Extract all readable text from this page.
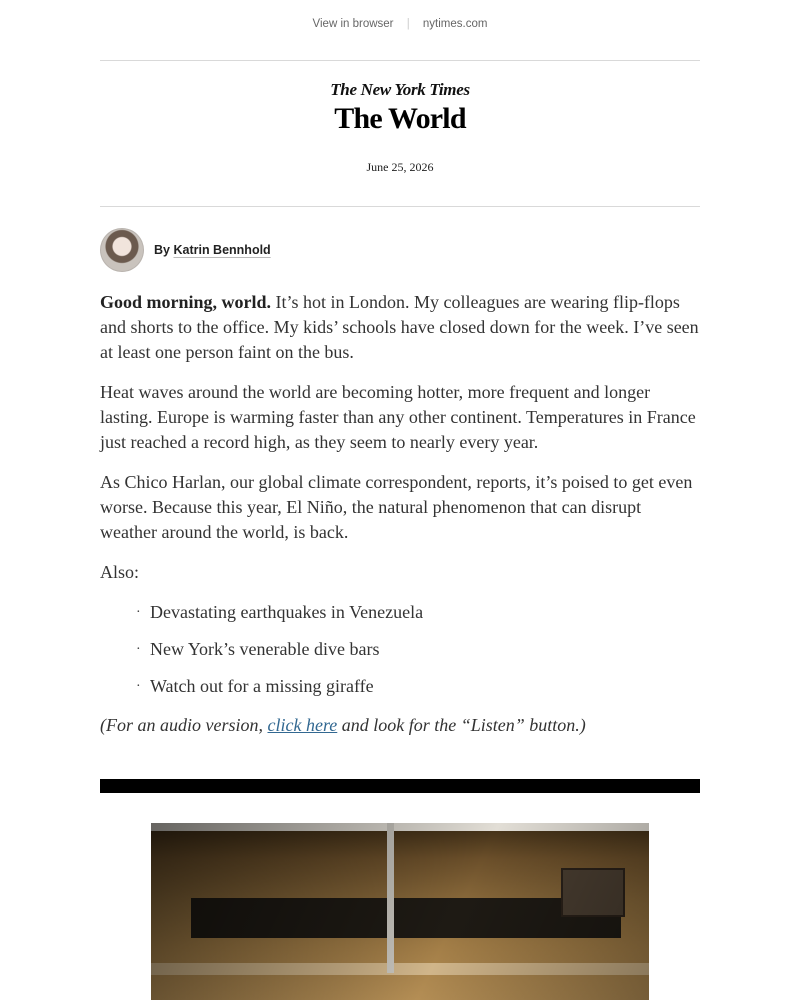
View in browser | nytimes.com
The New York Times
The World
June 25, 2026
By Katrin Bennhold

Good morning, world. It’s hot in London. My colleagues are wearing flip-flops and shorts to the office. My kids’ schools have closed down for the week. I’ve seen at least one person faint on the bus.

Heat waves around the world are becoming hotter, more frequent and longer lasting. Europe is warming faster than any other continent. Temperatures in France just reached a record high, as they seem to nearly every year.

As Chico Harlan, our global climate correspondent, reports, it’s poised to get even worse. Because this year, El Niño, the natural phenomenon that can disrupt weather around the world, is back.

Also:

· Devastating earthquakes in Venezuela
· New York’s venerable dive bars
· Watch out for a missing giraffe

(For an audio version, click here and look for the “Listen” button.)
